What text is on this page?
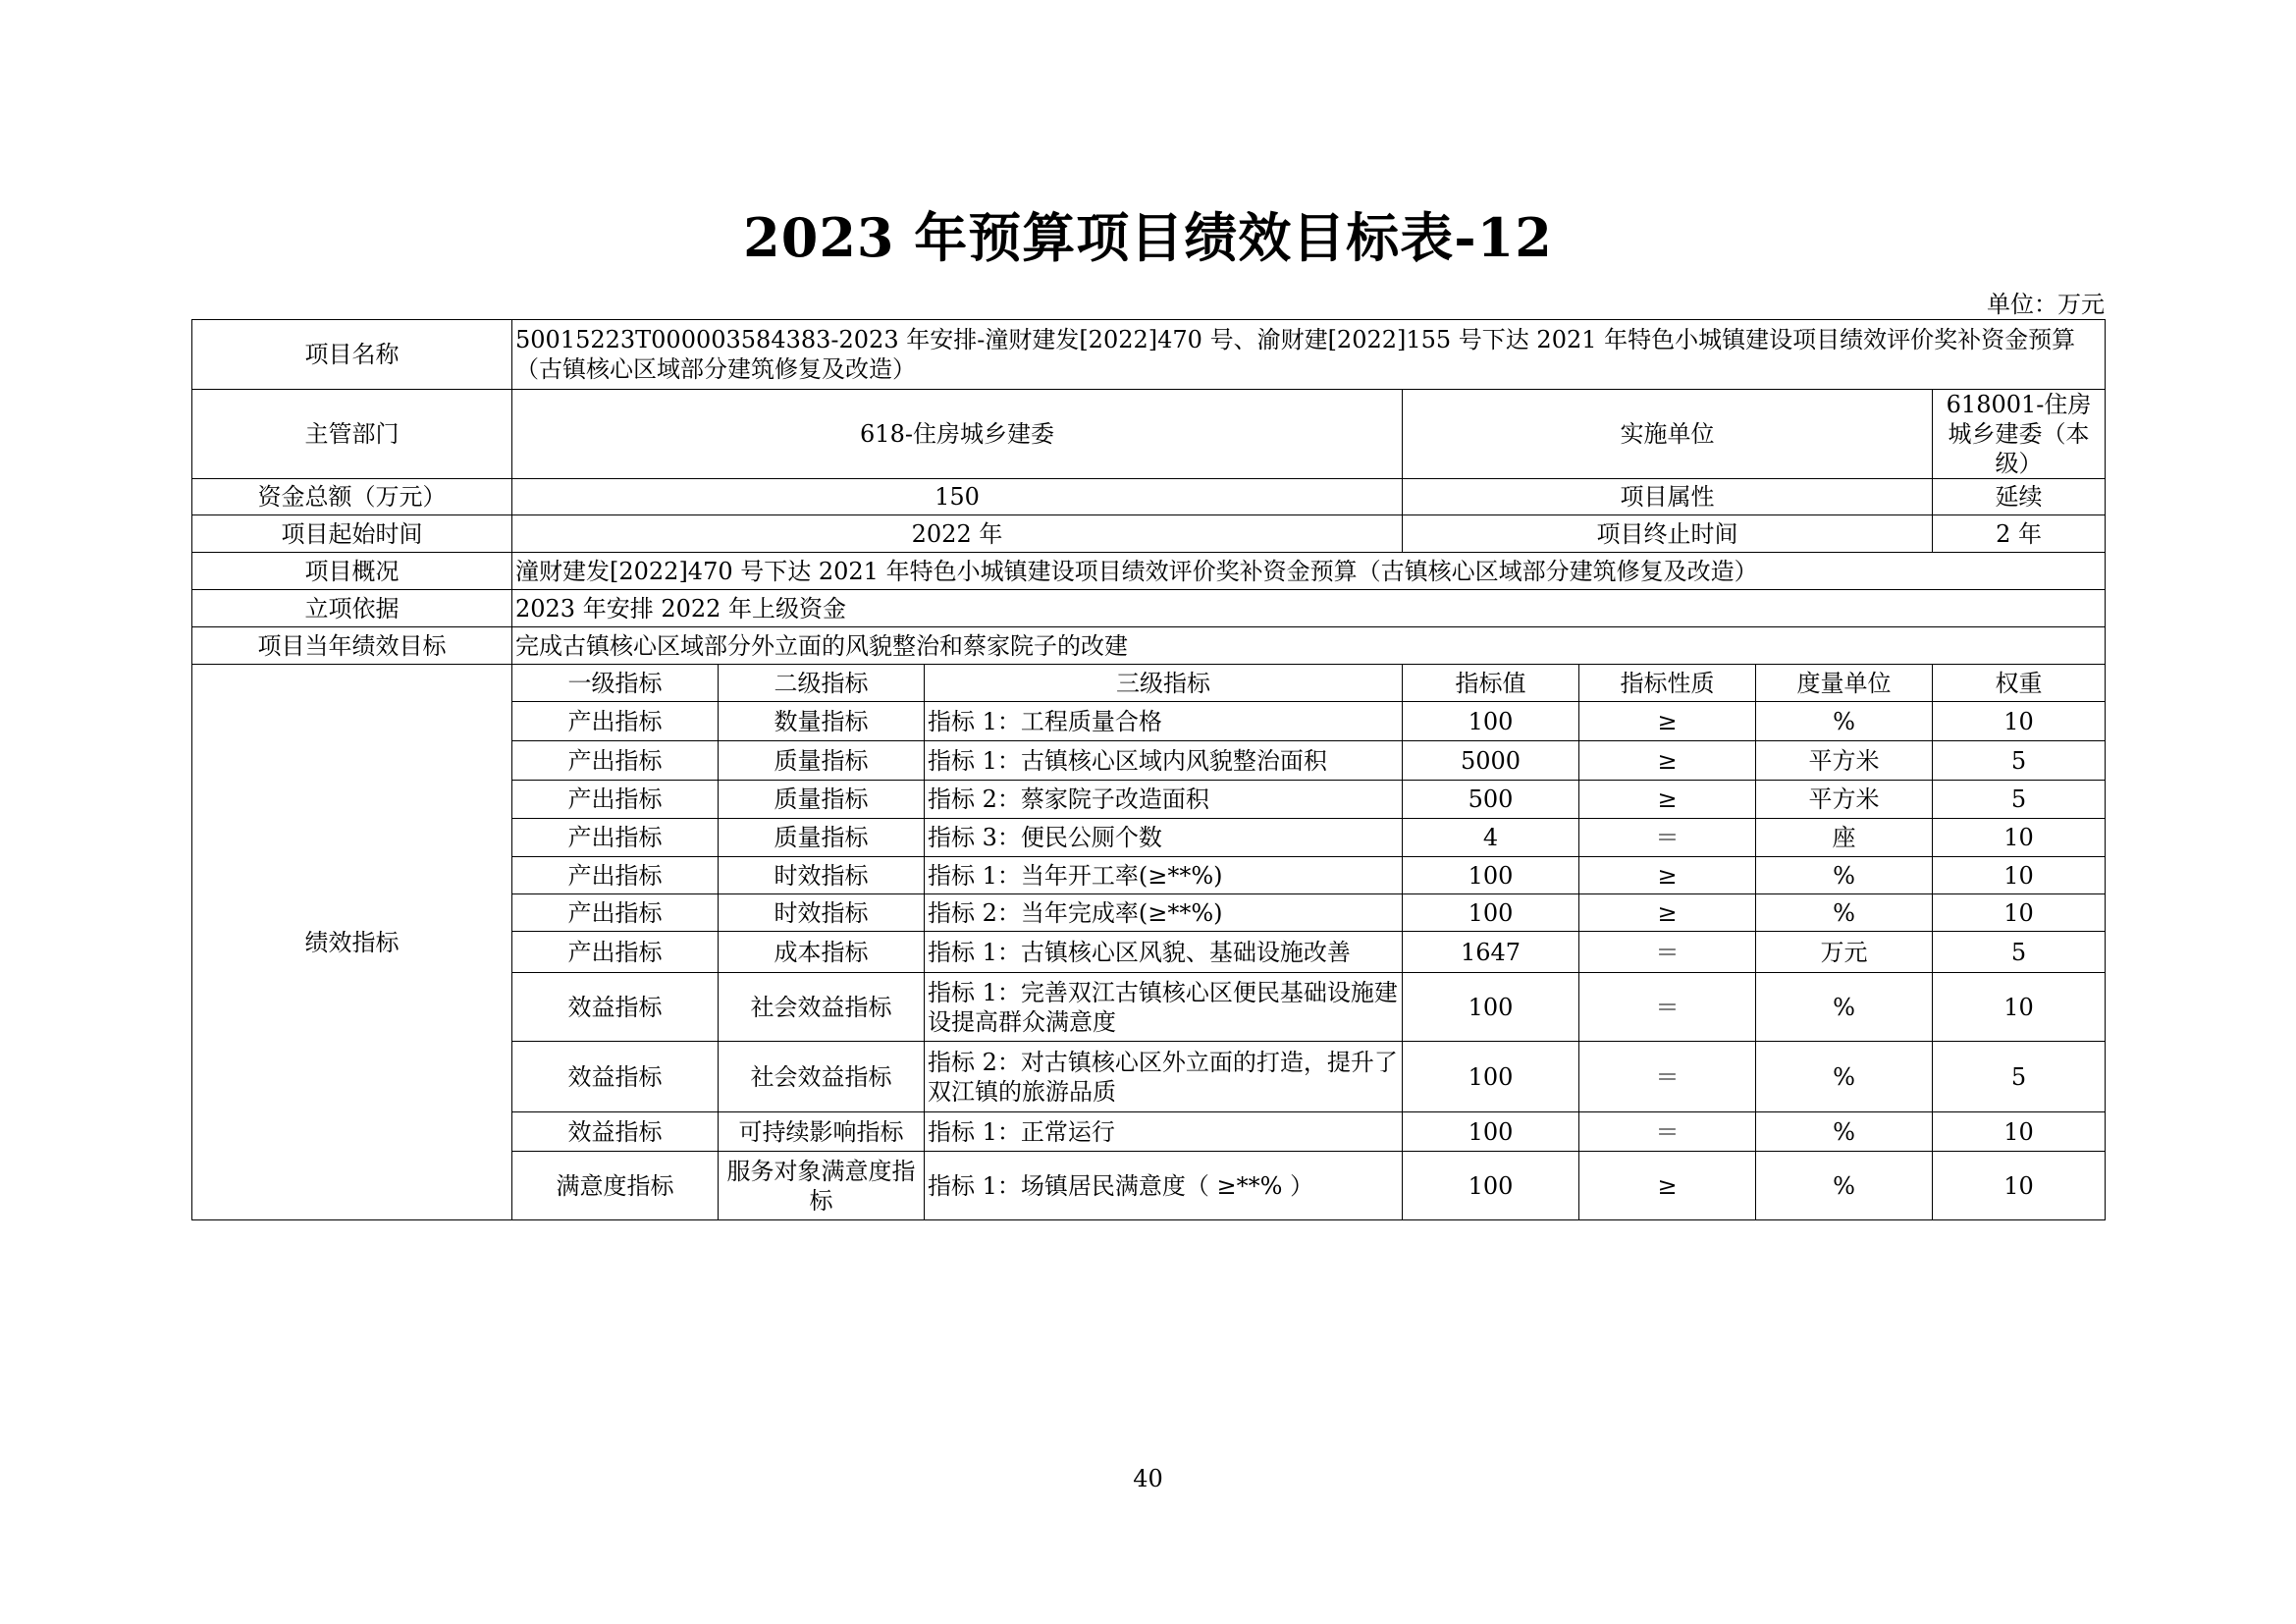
2023 年预算项目绩效目标表-12
单位：万元
项目名称	50015223T000003584383-2023 年安排-潼财建发[2022]470 号、渝财建[2022]155 号下达 2021 年特色小城镇建设项目绩效评价奖补资金预算（古镇核心区域部分建筑修复及改造）						
主管部门	618-住房城乡建委			实施单位			618001-住房城乡建委（本级）
资金总额（万元）	150			项目属性			延续
项目起始时间	2022 年			项目终止时间			2 年
项目概况	潼财建发[2022]470 号下达 2021 年特色小城镇建设项目绩效评价奖补资金预算（古镇核心区域部分建筑修复及改造）						
立项依据	2023 年安排 2022 年上级资金						
项目当年绩效目标	完成古镇核心区域部分外立面的风貌整治和蔡家院子的改建						
绩效指标	一级指标	二级指标	三级指标	指标值	指标性质	度量单位	权重
	产出指标	数量指标	指标 1：工程质量合格	100	≥	%	10
	产出指标	质量指标	指标 1：古镇核心区域内风貌整治面积	5000	≥	平方米	5
	产出指标	质量指标	指标 2：蔡家院子改造面积	500	≥	平方米	5
	产出指标	质量指标	指标 3：便民公厕个数	4	＝	座	10
	产出指标	时效指标	指标 1：当年开工率(≥**%)	100	≥	%	10
	产出指标	时效指标	指标 2：当年完成率(≥**%)	100	≥	%	10
	产出指标	成本指标	指标 1：古镇核心区风貌、基础设施改善	1647	＝	万元	5
	效益指标	社会效益指标	指标 1：完善双江古镇核心区便民基础设施建设提高群众满意度	100	＝	%	10
	效益指标	社会效益指标	指标 2：对古镇核心区外立面的打造，提升了双江镇的旅游品质	100	＝	%	5
	效益指标	可持续影响指标	指标 1：正常运行	100	＝	%	10
	满意度指标	服务对象满意度指标	指标 1：场镇居民满意度（ ≥**% ）	100	≥	%	10
40
